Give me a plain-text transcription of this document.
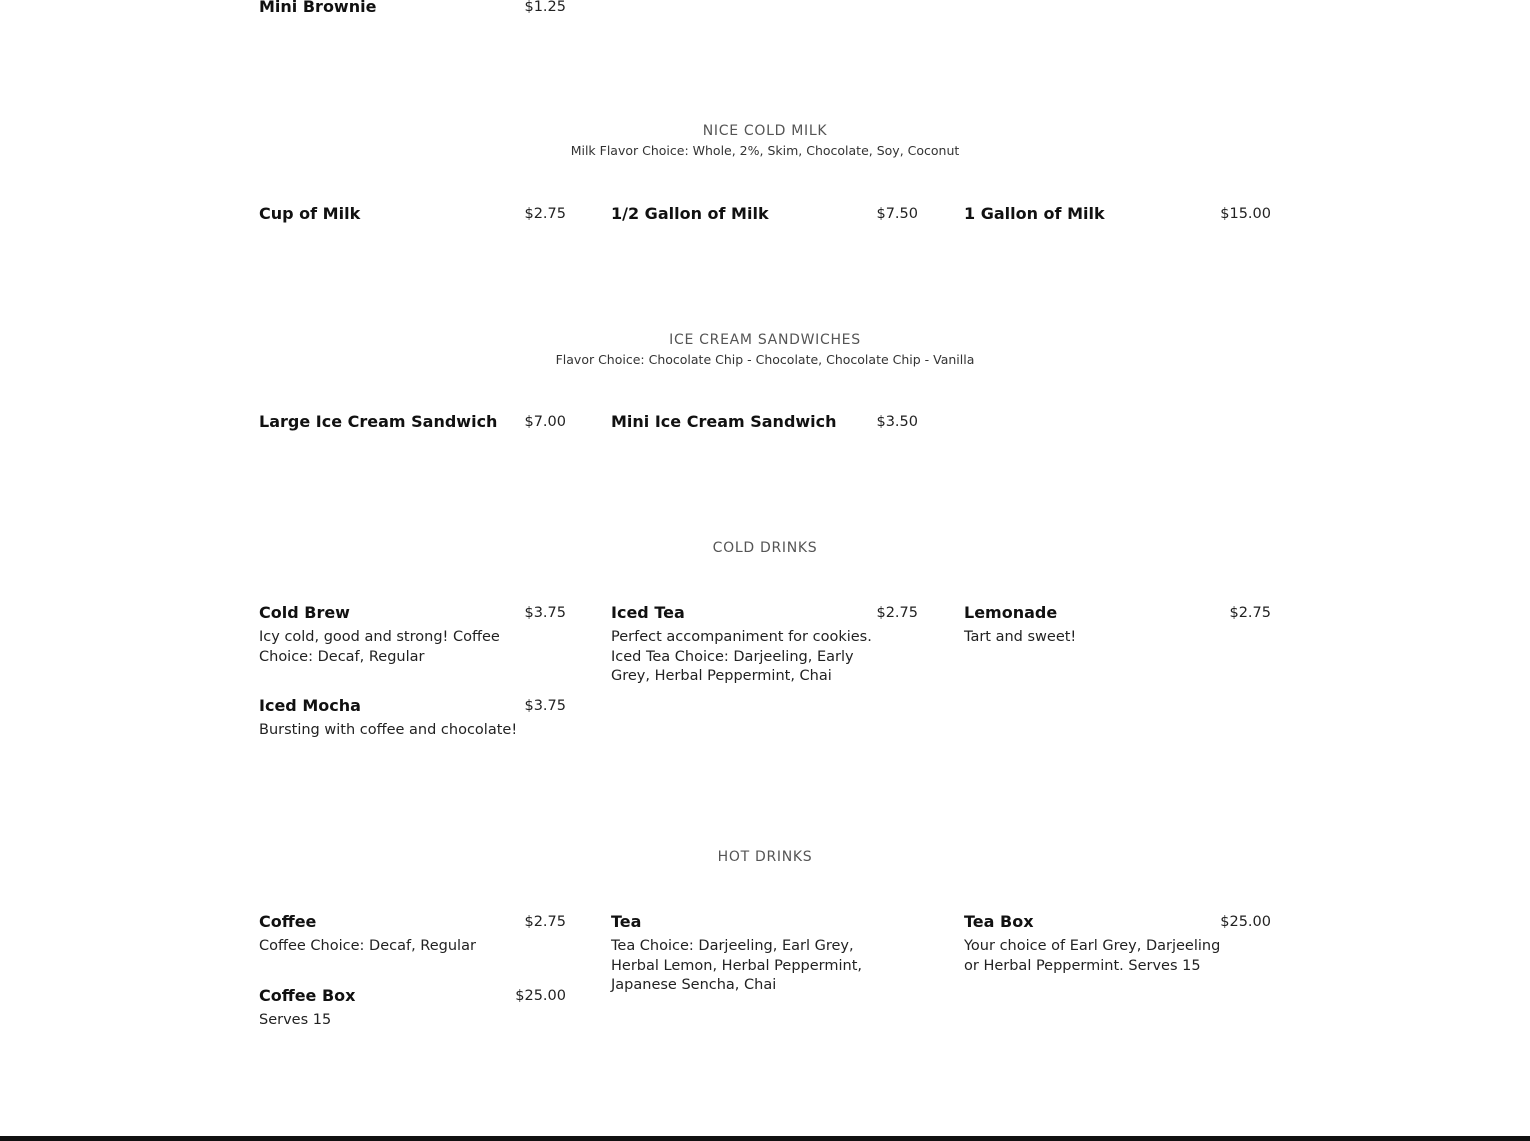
Mini Brownie	$1.25
NICE COLD MILK
Milk Flavor Choice: Whole, 2%, Skim, Chocolate, Soy, Coconut
Cup of Milk	$2.75	1/2 Gallon of Milk	$7.50	1 Gallon of Milk	$15.00
ICE CREAM SANDWICHES
Flavor Choice: Chocolate Chip - Chocolate, Chocolate Chip - Vanilla
Large Ice Cream Sandwich $7.00	Mini Ice Cream Sandwich	$3.50
COLD DRINKS
Cold Brew	$3.75
Icy cold, good and strong! Coffee Choice: Decaf, Regular
Iced Mocha	$3.75
Bursting with coffee and chocolate!
Iced Tea	$2.75
Perfect accompaniment for cookies. Iced Tea Choice: Darjeeling, Early Grey, Herbal Peppermint, Chai
Lemonade	$2.75
Tart and sweet!
HOT DRINKS
Coffee	$2.75
Coffee Choice: Decaf, Regular
Coffee Box	$25.00
Serves 15
Tea
Tea Choice: Darjeeling, Earl Grey, Herbal Lemon, Herbal Peppermint, Japanese Sencha, Chai
Tea Box	$25.00
Your choice of Earl Grey, Darjeeling or Herbal Peppermint. Serves 15
